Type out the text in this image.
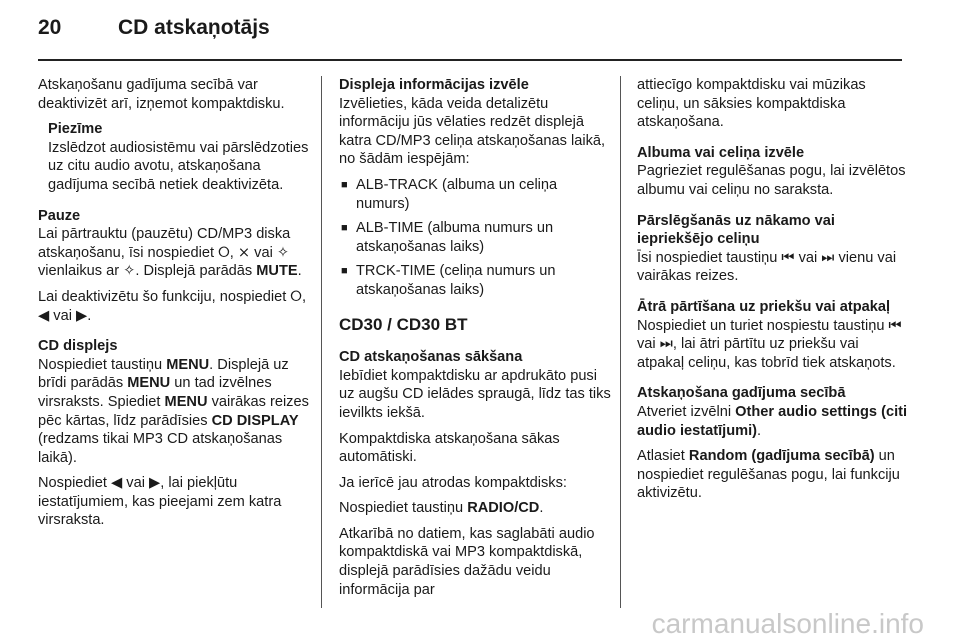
20	CD atskaņotājs

Atskaņošanu gadījuma secībā var deaktivizēt arī, izņemot kompaktdisku.

Piezīme
Izslēdzot audiosistēmu vai pārslēdzoties uz citu audio avotu, atskaņošana gadījuma secībā netiek deaktivizēta.
Pauze

Lai pārtrauktu (pauzētu) CD/MP3 diska atskaņošanu, īsi nospiediet ⭘, ⨯ vai ✧ vienlaikus ar ✧. Displejā parādās MUTE.

Lai deaktivizētu šo funkciju, nospiediet ⭘, ◀ vai ▶.

CD displejs

Nospiediet taustiņu MENU. Displejā uz brīdi parādās MENU un tad izvēlnes virsraksts. Spiediet MENU vairākas reizes pēc kārtas, līdz parādīsies CD DISPLAY (redzams tikai MP3 CD atskaņošanas laikā).

Nospiediet ◀ vai ▶, lai piekļūtu iestatījumiem, kas pieejami zem katra virsraksta.

Displeja informācijas izvēle

Izvēlieties, kāda veida detalizētu informāciju jūs vēlaties redzēt displejā katra CD/MP3 celiņa atskaņošanas laikā, no šādām iespējām:

■ ALB-TRACK (albuma un celiņa numurs)
■ ALB-TIME (albuma numurs un atskaņošanas laiks)
■ TRCK-TIME (celiņa numurs un atskaņošanas laiks)
CD30 / CD30 BT
CD atskaņošanas sākšana

Iebīdiet kompaktdisku ar apdrukāto pusi uz augšu CD ielādes spraugā, līdz tas tiks ievilkts iekšā.

Kompaktdiska atskaņošana sākas automātiski.

Ja ierīcē jau atrodas kompaktdisks:

Nospiediet taustiņu RADIO/CD.

Atkarībā no datiem, kas saglabāti audio kompaktdiskā vai MP3 kompaktdiskā, displejā parādīsies dažādu veidu informācija par

attiecīgo kompaktdisku vai mūzikas celiņu, un sāksies kompaktdiska atskaņošana.

Albuma vai celiņa izvēle

Pagrieziet regulēšanas pogu, lai izvēlētos albumu vai celiņu no saraksta.

Pārslēgšanās uz nākamo vai iepriekšējo celiņu

Īsi nospiediet taustiņu ⏮ vai ⏭ vienu vai vairākas reizes.

Ātrā pārtīšana uz priekšu vai atpakaļ

Nospiediet un turiet nospiestu taustiņu ⏮ vai ⏭, lai ātri pārtītu uz priekšu vai atpakaļ celiņu, kas tobrīd tiek atskaņots.

Atskaņošana gadījuma secībā

Atveriet izvēlni Other audio settings (citi audio iestatījumi).

Atlasiet Random (gadījuma secībā) un nospiediet regulēšanas pogu, lai funkciju aktivizētu.

carmanualsonline.info
